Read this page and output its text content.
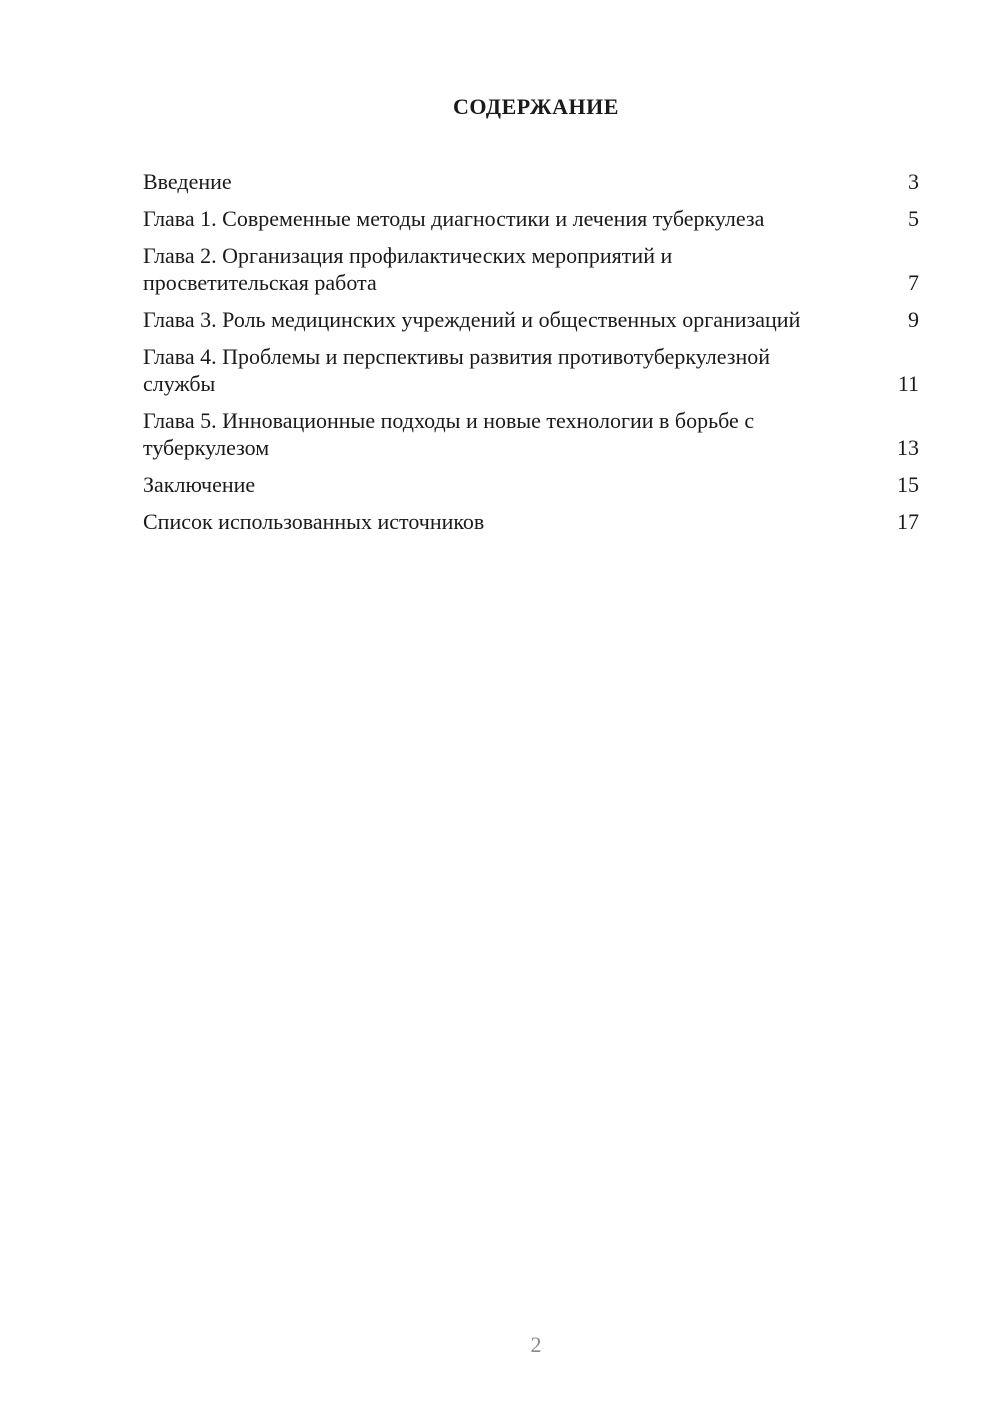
СОДЕРЖАНИЕ
Введение	3
Глава 1. Современные методы диагностики и лечения туберкулеза	5
Глава 2. Организация профилактических мероприятий и просветительская работа	7
Глава 3. Роль медицинских учреждений и общественных организаций	9
Глава 4. Проблемы и перспективы развития противотуберкулезной службы	11
Глава 5. Инновационные подходы и новые технологии в борьбе с туберкулезом	13
Заключение	15
Список использованных источников	17
2
